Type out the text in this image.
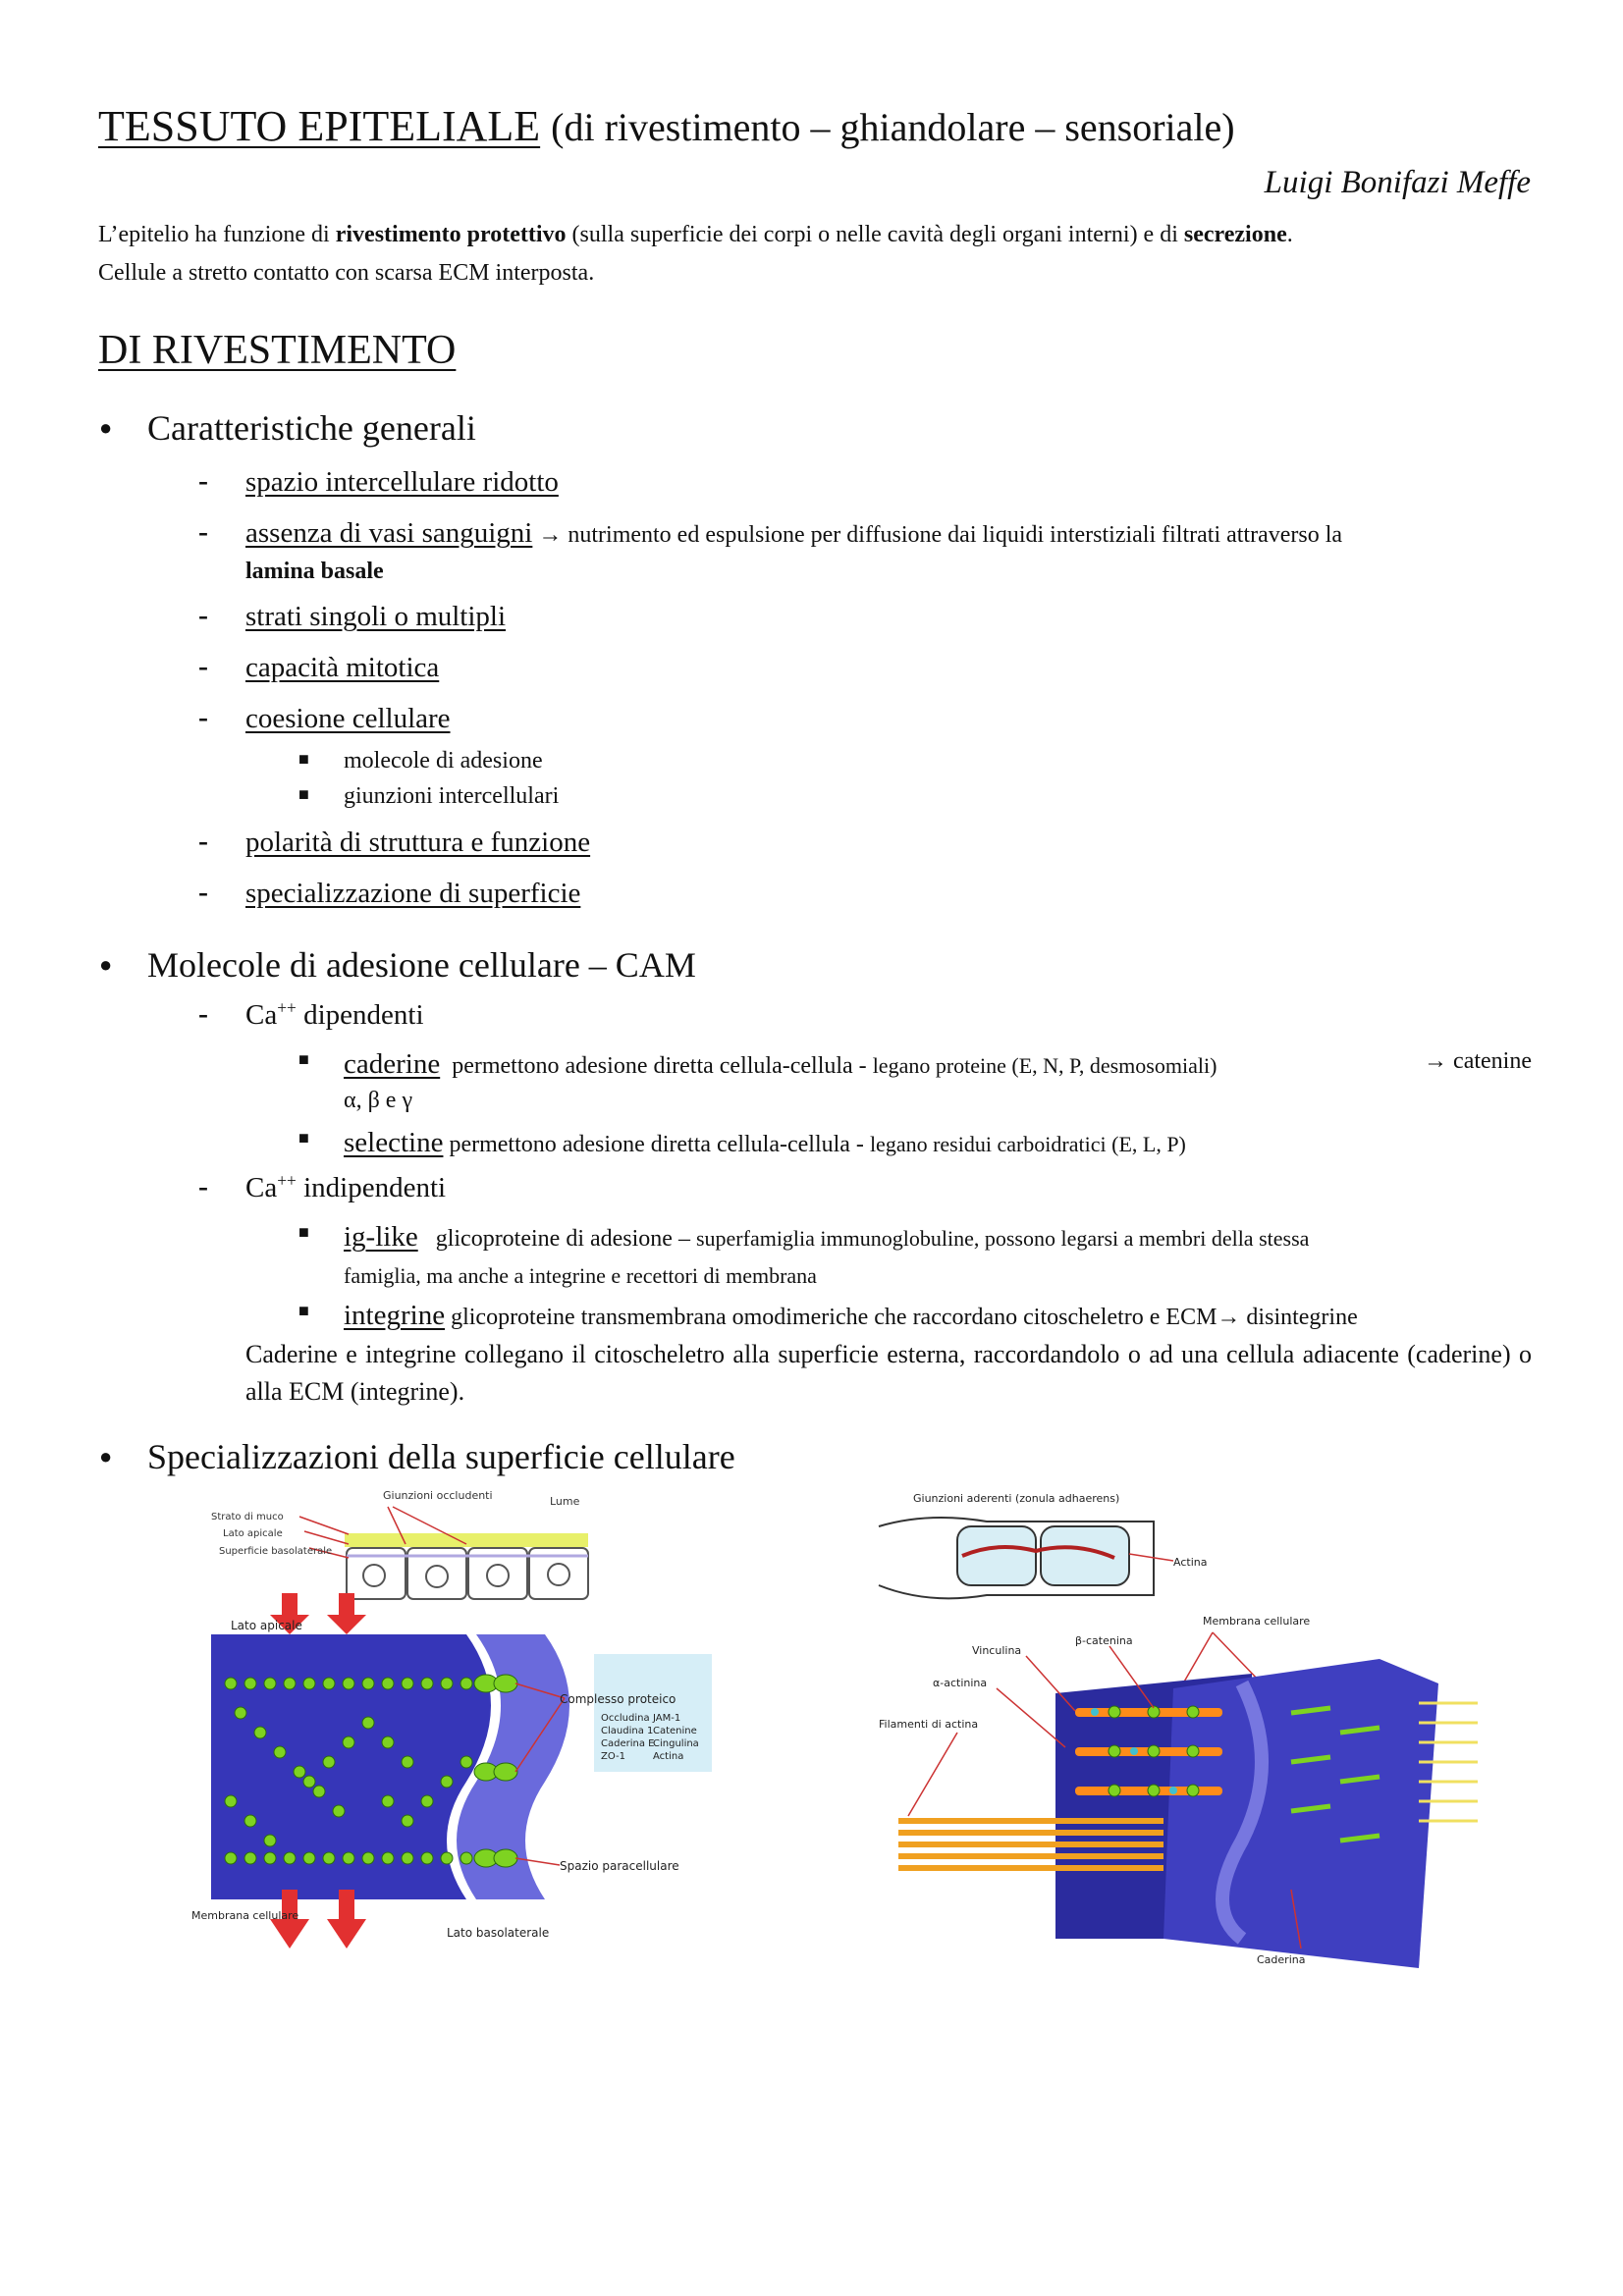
TESSUTO EPITELIALE (di rivestimento – ghiandolare – sensoriale)
Luigi Bonifazi Meffe
L’epitelio ha funzione di rivestimento protettivo (sulla superficie dei corpi o nelle cavità degli organi interni) e di secrezione.
Cellule a stretto contatto con scarsa ECM interposta.
DI RIVESTIMENTO
● Caratteristiche generali
- spazio intercellulare ridotto
- assenza di vasi sanguigni → nutrimento ed espulsione per diffusione dai liquidi interstiziali filtrati attraverso la
lamina basale
- strati singoli o multipli
- capacità mitotica
- coesione cellulare
■ molecole di adesione
■ giunzioni intercellulari
- polarità di struttura e funzione
- specializzazione di superficie
● Molecole di adesione cellulare – CAM
- Ca++ dipendenti
■ caderine permettono adesione diretta cellula-cellula - legano proteine (E, N, P, desmosomiali)	→ catenine
α, β e γ
■ selectine permettono adesione diretta cellula-cellula - legano residui carboidratici (E, L, P)
- Ca++ indipendenti
■ ig-like glicoproteine di adesione – superfamiglia immunoglobuline, possono legarsi a membri della stessa
famiglia, ma anche a integrine e recettori di membrana
■ integrine glicoproteine transmembrana omodimeriche che raccordano citoscheletro e ECM→ disintegrine
Caderine e integrine collegano il citoscheletro alla superficie esterna, raccordandolo o ad una cellula adiacente (caderine) o alla ECM (integrine).
● Specializzazioni della superficie cellulare
Giunzioni occludenti	Lume
Strato di muco
Lato apicale
Superficie basolaterale
Complesso proteico
Occludina
Claudina 1
Caderina E
ZO-1
JAM-1
Catenine
Cingulina
Actina
Spazio paracellulare
Membrana cellulare
Lato basolaterale
Lato apicale
Giunzioni aderenti (zonula adhaerens)
Actina
Membrana cellulare
β-catenina
Vinculina
α-actinina
Filamenti di actina
Caderina
